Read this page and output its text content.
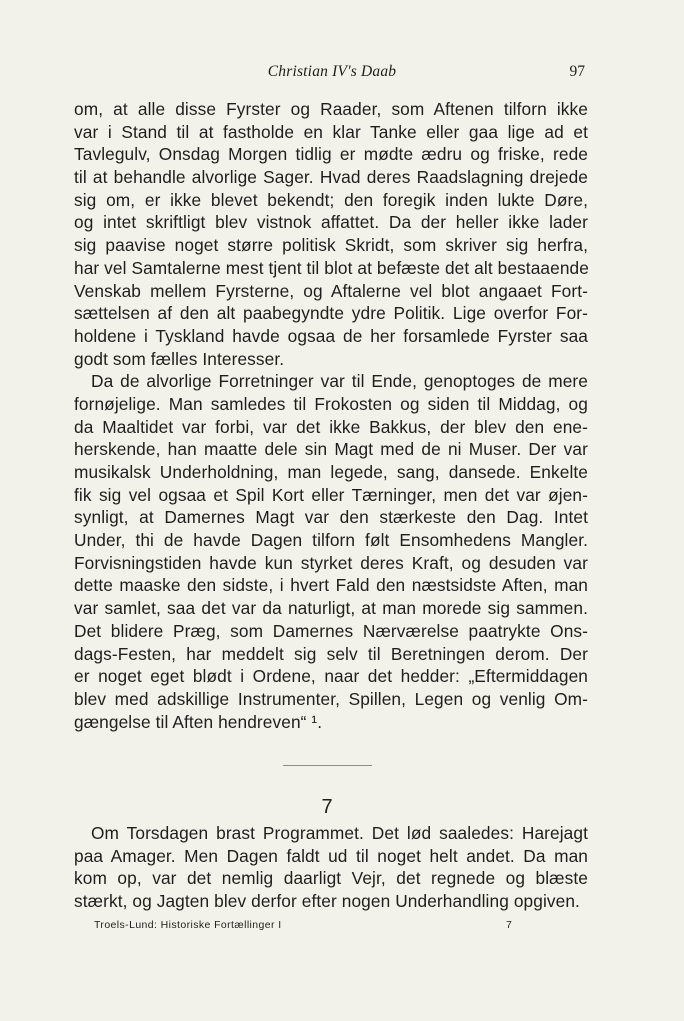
Christian IV's Daab	97
om, at alle disse Fyrster og Raader, som Aftenen tilforn ikke
var i Stand til at fastholde en klar Tanke eller gaa lige ad et
Tavlegulv, Onsdag Morgen tidlig er mødte ædru og friske, rede
til at behandle alvorlige Sager. Hvad deres Raadslagning drejede
sig om, er ikke blevet bekendt; den foregik inden lukte Døre,
og intet skriftligt blev vistnok affattet. Da der heller ikke lader
sig paavise noget større politisk Skridt, som skriver sig herfra,
har vel Samtalerne mest tjent til blot at befæste det alt bestaaende
Venskab mellem Fyrsterne, og Aftalerne vel blot angaaet Fort-
sættelsen af den alt paabegyndte ydre Politik. Lige overfor For-
holdene i Tyskland havde ogsaa de her forsamlede Fyrster saa
godt som fælles Interesser.
Da de alvorlige Forretninger var til Ende, genoptoges de mere
fornøjelige. Man samledes til Frokosten og siden til Middag, og
da Maaltidet var forbi, var det ikke Bakkus, der blev den ene-
herskende, han maatte dele sin Magt med de ni Muser. Der var
musikalsk Underholdning, man legede, sang, dansede. Enkelte
fik sig vel ogsaa et Spil Kort eller Tærninger, men det var øjen-
synligt, at Damernes Magt var den stærkeste den Dag. Intet
Under, thi de havde Dagen tilforn følt Ensomhedens Mangler.
Forvisningstiden havde kun styrket deres Kraft, og desuden var
dette maaske den sidste, i hvert Fald den næstsidste Aften, man
var samlet, saa det var da naturligt, at man morede sig sammen.
Det blidere Præg, som Damernes Nærværelse paatrykte Ons-
dags-Festen, har meddelt sig selv til Beretningen derom. Der
er noget eget blødt i Ordene, naar det hedder: „Eftermiddagen
blev med adskillige Instrumenter, Spillen, Legen og venlig Om-
gængelse til Aften hendreven“ ¹.
7
Om Torsdagen brast Programmet. Det lød saaledes: Harejagt
paa Amager. Men Dagen faldt ud til noget helt andet. Da man
kom op, var det nemlig daarligt Vejr, det regnede og blæste
stærkt, og Jagten blev derfor efter nogen Underhandling opgiven.
Troels-Lund: Historiske Fortællinger I	7
